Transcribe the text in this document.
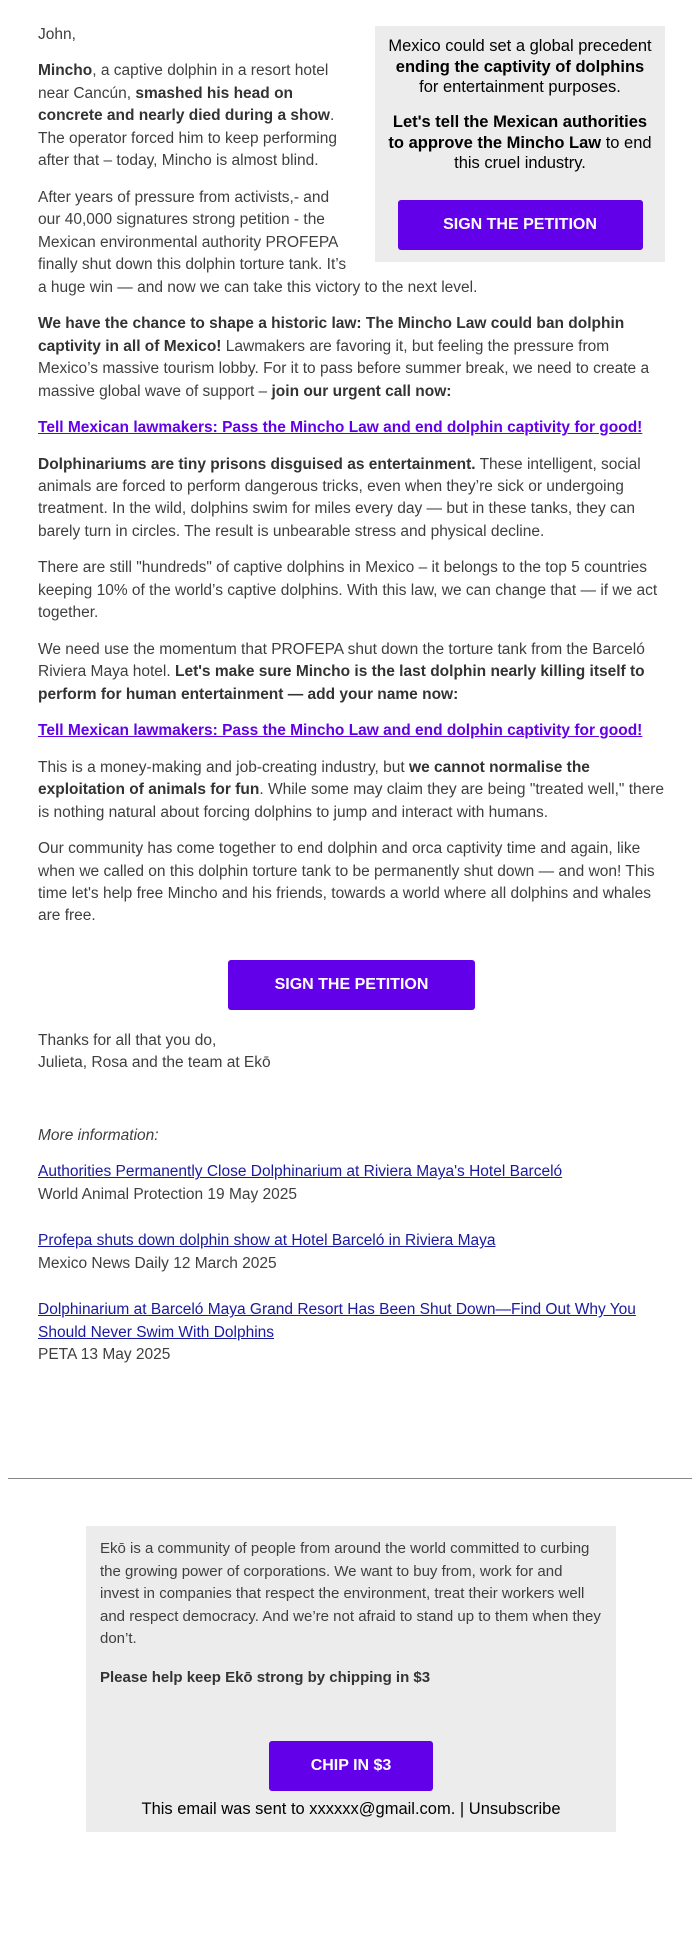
Mexico could set a global precedent ending the captivity of dolphins for entertainment purposes.

Let's tell the Mexican authorities to approve the Mincho Law to end this cruel industry.

SIGN THE PETITION

John,

Mincho, a captive dolphin in a resort hotel near Cancún, smashed his head on concrete and nearly died during a show. The operator forced him to keep performing after that – today, Mincho is almost blind.

After years of pressure from activists,- and our 40,000 signatures strong petition - the Mexican environmental authority PROFEPA finally shut down this dolphin torture tank. It’s a huge win — and now we can take this victory to the next level.

We have the chance to shape a historic law: The Mincho Law could ban dolphin captivity in all of Mexico! Lawmakers are favoring it, but feeling the pressure from Mexico’s massive tourism lobby. For it to pass before summer break, we need to create a massive global wave of support – join our urgent call now:

Tell Mexican lawmakers: Pass the Mincho Law and end dolphin captivity for good!

Dolphinariums are tiny prisons disguised as entertainment. These intelligent, social animals are forced to perform dangerous tricks, even when they’re sick or undergoing treatment. In the wild, dolphins swim for miles every day — but in these tanks, they can barely turn in circles. The result is unbearable stress and physical decline.

There are still "hundreds" of captive dolphins in Mexico – it belongs to the top 5 countries keeping 10% of the world’s captive dolphins. With this law, we can change that — if we act together.

We need use the momentum that PROFEPA shut down the torture tank from the Barceló Riviera Maya hotel. Let's make sure Mincho is the last dolphin nearly killing itself to perform for human entertainment — add your name now:

Tell Mexican lawmakers: Pass the Mincho Law and end dolphin captivity for good!

This is a money-making and job-creating industry, but we cannot normalise the exploitation of animals for fun. While some may claim they are being "treated well," there is nothing natural about forcing dolphins to jump and interact with humans.

Our community has come together to end dolphin and orca captivity time and again, like when we called on this dolphin torture tank to be permanently shut down — and won! This time let's help free Mincho and his friends, towards a world where all dolphins and whales are free.

SIGN THE PETITION

Thanks for all that you do,
Julieta, Rosa and the team at Ekō

More information:

Authorities Permanently Close Dolphinarium at Riviera Maya's Hotel Barceló
World Animal Protection 19 May 2025
Profepa shuts down dolphin show at Hotel Barceló in Riviera Maya
Mexico News Daily 12 March 2025
Dolphinarium at Barceló Maya Grand Resort Has Been Shut Down—Find Out Why You Should Never Swim With Dolphins
PETA 13 May 2025

Ekō is a community of people from around the world committed to curbing the growing power of corporations. We want to buy from, work for and invest in companies that respect the environment, treat their workers well and respect democracy. And we’re not afraid to stand up to them when they don’t.

Please help keep Ekō strong by chipping in $3

CHIP IN $3
This email was sent to xxxxxx@gmail.com. | Unsubscribe
